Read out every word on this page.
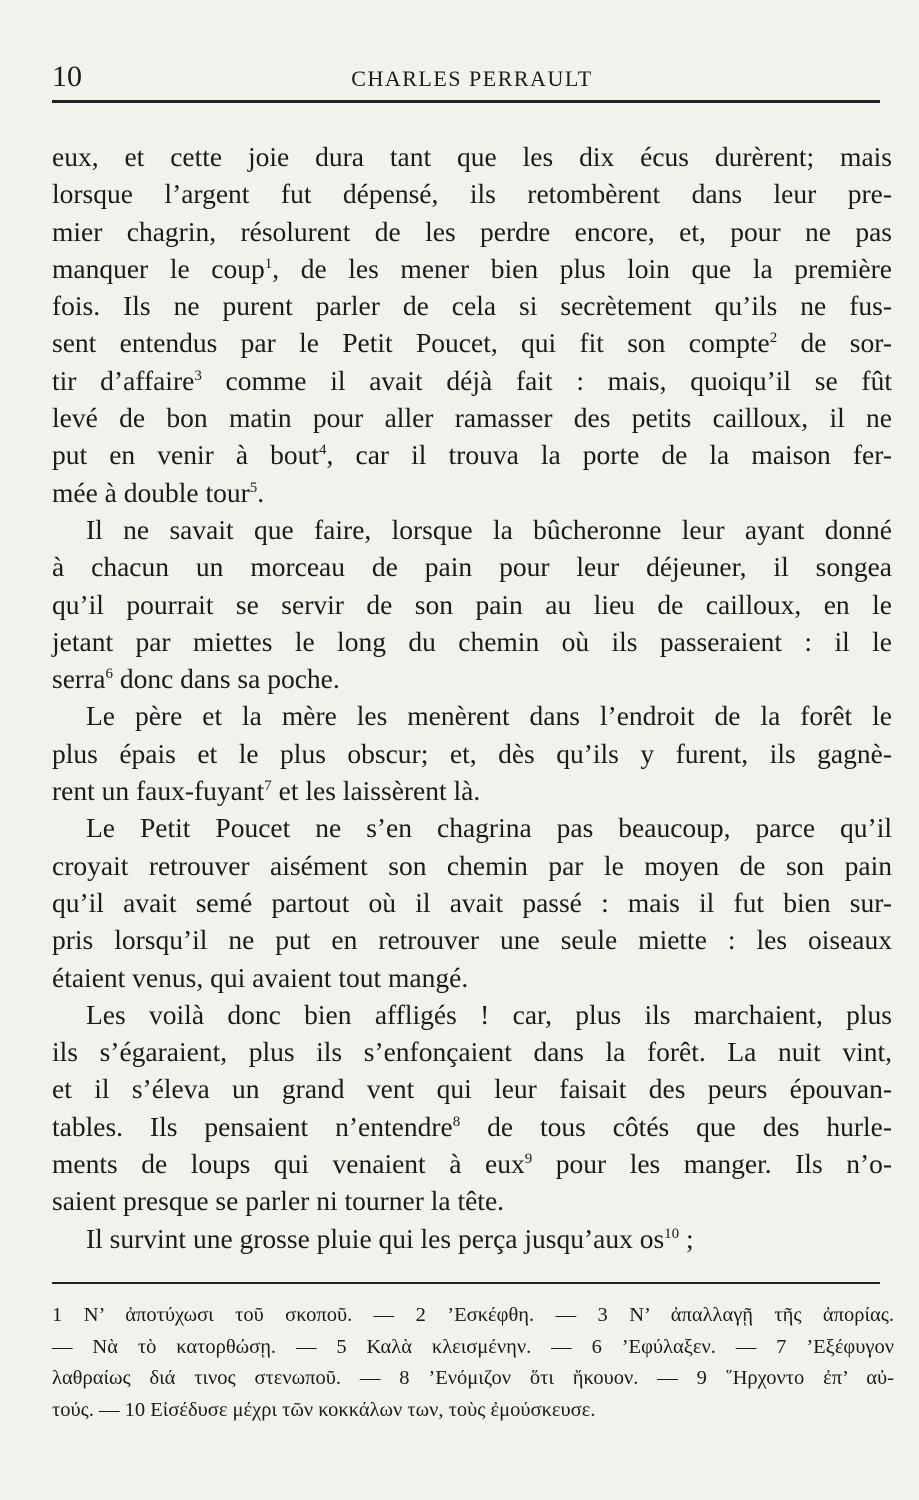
10	CHARLES PERRAULT
eux, et cette joie dura tant que les dix écus durèrent; mais
lorsque l’argent fut dépensé, ils retombèrent dans leur pre-
mier chagrin, résolurent de les perdre encore, et, pour ne pas
manquer le coup$^1$, de les mener bien plus loin que la première
fois. Ils ne purent parler de cela si secrètement qu’ils ne fus-
sent entendus par le Petit Poucet, qui fit son compte$^2$ de sor-
tir d’affaire$^3$ comme il avait déjà fait : mais, quoiqu’il se fût
levé de bon matin pour aller ramasser des petits cailloux, il ne
put en venir à bout$^4$, car il trouva la porte de la maison fer-
mée à double tour$^5$.
Il ne savait que faire, lorsque la bûcheronne leur ayant donné
à chacun un morceau de pain pour leur déjeuner, il songea
qu’il pourrait se servir de son pain au lieu de cailloux, en le
jetant par miettes le long du chemin où ils passeraient : il le
serra$^6$ donc dans sa poche.
Le père et la mère les menèrent dans l’endroit de la forêt le
plus épais et le plus obscur; et, dès qu’ils y furent, ils gagnè-
rent un faux-fuyant$^7$ et les laissèrent là.
Le Petit Poucet ne s’en chagrina pas beaucoup, parce qu’il
croyait retrouver aisément son chemin par le moyen de son pain
qu’il avait semé partout où il avait passé : mais il fut bien sur-
pris lorsqu’il ne put en retrouver une seule miette : les oiseaux
étaient venus, qui avaient tout mangé.
Les voilà donc bien affligés ! car, plus ils marchaient, plus
ils s’égaraient, plus ils s’enfonçaient dans la forêt. La nuit vint,
et il s’éleva un grand vent qui leur faisait des peurs épouvan-
tables. Ils pensaient n’entendre$^8$ de tous côtés que des hurle-
ments de loups qui venaient à eux$^9$ pour les manger. Ils n’o-
saient presque se parler ni tourner la tête.
Il survint une grosse pluie qui les perça jusqu’aux $os^{10}$ ;
1 N’ ἀποτύχωσι τοῦ σκοποῦ. — 2 ’Εσκέφθη. — 3 N’ ἀπαλλαγῇ τῆς ἀπορίας.
— Νὰ τὸ κατορθώσῃ. — 5 Καλὰ κλεισμένην. — 6 ’Εφύλαξεν. — 7 ’Εξέφυγον
λαθραίως διά τινος στενωποῦ. — 8 ’Ενόμιζον ὅτι ἤκουον. — 9 ῞Ηρχοντο ἐπ’ αὐ-
τούς. — 10 Εἰσέδυσε μέχρι τῶν κοκκάλων των, τοὺς ἐμούσκευσε.
